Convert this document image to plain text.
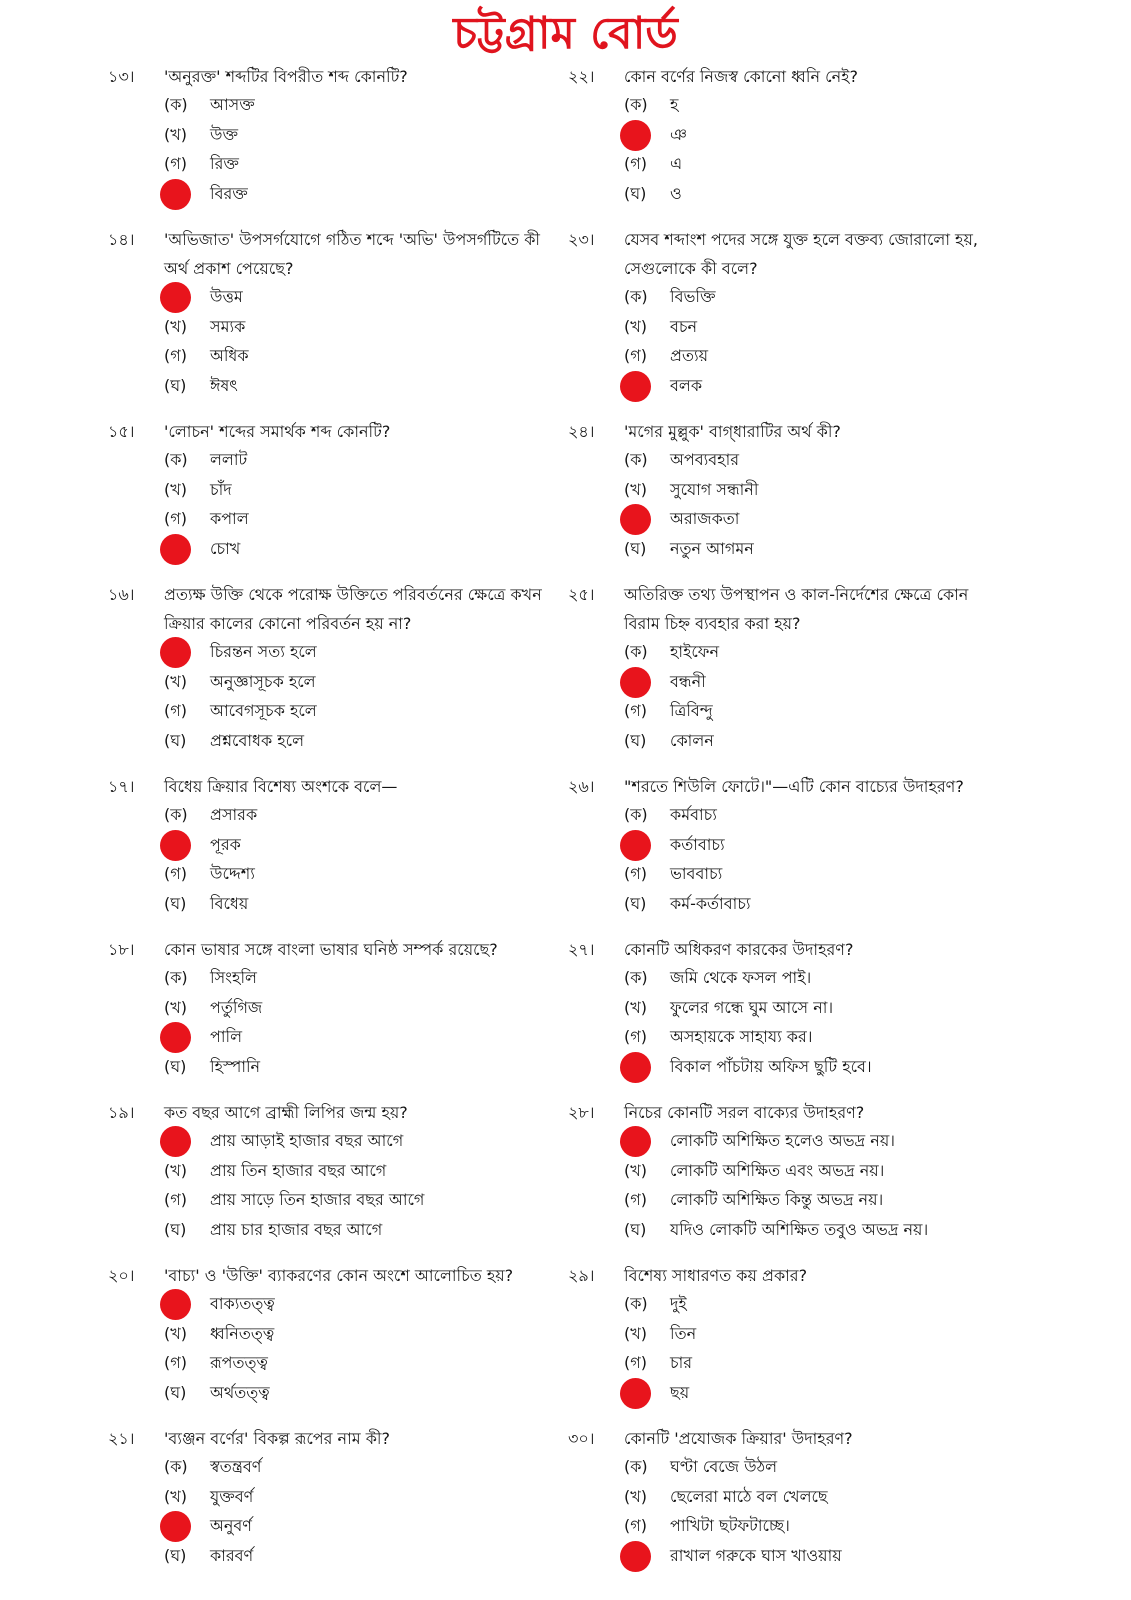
চট্টগ্রাম বোর্ড
১৩।	'অনুরক্ত' শব্দটির বিপরীত শব্দ কোনটি?

(ক)	আসক্ত
(খ)	উক্ত
(গ)	রিক্ত
বিরক্ত
১৪।	'অভিজাত' উপসর্গযোগে গঠিত শব্দে 'অভি' উপসর্গটিতে কী অর্থ প্রকাশ পেয়েছে?

উত্তম
(খ)	সম্যক
(গ)	অধিক
(ঘ)	ঈষৎ
১৫।	'লোচন' শব্দের সমার্থক শব্দ কোনটি?

(ক)	ললাট
(খ)	চাঁদ
(গ)	কপাল
চোখ
১৬।	প্রত্যক্ষ উক্তি থেকে পরোক্ষ উক্তিতে পরিবর্তনের ক্ষেত্রে কখন ক্রিয়ার কালের কোনো পরিবর্তন হয় না?

চিরন্তন সত্য হলে
(খ)	অনুজ্ঞাসূচক হলে
(গ)	আবেগসূচক হলে
(ঘ)	প্রশ্নবোধক হলে
১৭।	বিধেয় ক্রিয়ার বিশেষ্য অংশকে বলে—

(ক)	প্রসারক
পূরক
(গ)	উদ্দেশ্য
(ঘ)	বিধেয়
১৮।	কোন ভাষার সঙ্গে বাংলা ভাষার ঘনিষ্ঠ সম্পর্ক রয়েছে?

(ক)	সিংহলি
(খ)	পর্তুগিজ
পালি
(ঘ)	হিস্পানি
১৯।	কত বছর আগে ব্রাহ্মী লিপির জন্ম হয়?

প্রায় আড়াই হাজার বছর আগে
(খ)	প্রায় তিন হাজার বছর আগে
(গ)	প্রায় সাড়ে তিন হাজার বছর আগে
(ঘ)	প্রায় চার হাজার বছর আগে
২০।	'বাচ্য' ও 'উক্তি' ব্যাকরণের কোন অংশে আলোচিত হয়?

বাক্যতত্ত্ব
(খ)	ধ্বনিতত্ত্ব
(গ)	রূপতত্ত্ব
(ঘ)	অর্থতত্ত্ব
২১।	'ব্যঞ্জন বর্ণের' বিকল্প রূপের নাম কী?

(ক)	স্বতন্ত্রবর্ণ
(খ)	যুক্তবর্ণ
অনুবর্ণ
(ঘ)	কারবর্ণ
২২।	কোন বর্ণের নিজস্ব কোনো ধ্বনি নেই?

(ক)	হ
ঞ
(গ)	এ
(ঘ)	ও
২৩।	যেসব শব্দাংশ পদের সঙ্গে যুক্ত হলে বক্তব্য জোরালো হয়, সেগুলোকে কী বলে?

(ক)	বিভক্তি
(খ)	বচন
(গ)	প্রত্যয়
বলক
২৪।	'মগের মুল্লুক' বাগ্‌ধারাটির অর্থ কী?

(ক)	অপব্যবহার
(খ)	সুযোগ সন্ধানী
অরাজকতা
(ঘ)	নতুন আগমন
২৫।	অতিরিক্ত তথ্য উপস্থাপন ও কাল-নির্দেশের ক্ষেত্রে কোন বিরাম চিহ্ন ব্যবহার করা হয়?

(ক)	হাইফেন
বন্ধনী
(গ)	ত্রিবিন্দু
(ঘ)	কোলন
২৬।	"শরতে শিউলি ফোটে।"—এটি কোন বাচ্যের উদাহরণ?

(ক)	কর্মবাচ্য
কর্তাবাচ্য
(গ)	ভাববাচ্য
(ঘ)	কর্ম-কর্তাবাচ্য
২৭।	কোনটি অধিকরণ কারকের উদাহরণ?

(ক)	জমি থেকে ফসল পাই।
(খ)	ফুলের গন্ধে ঘুম আসে না।
(গ)	অসহায়কে সাহায্য কর।
বিকাল পাঁচটায় অফিস ছুটি হবে।
২৮।	নিচের কোনটি সরল বাক্যের উদাহরণ?

লোকটি অশিক্ষিত হলেও অভদ্র নয়।
(খ)	লোকটি অশিক্ষিত এবং অভদ্র নয়।
(গ)	লোকটি অশিক্ষিত কিন্তু অভদ্র নয়।
(ঘ)	যদিও লোকটি অশিক্ষিত তবুও অভদ্র নয়।
২৯।	বিশেষ্য সাধারণত কয় প্রকার?

(ক)	দুই
(খ)	তিন
(গ)	চার
ছয়
৩০।	কোনটি 'প্রযোজক ক্রিয়ার' উদাহরণ?

(ক)	ঘণ্টা বেজে উঠল
(খ)	ছেলেরা মাঠে বল খেলছে
(গ)	পাখিটা ছটফটাচ্ছে।
রাখাল গরুকে ঘাস খাওয়ায়
